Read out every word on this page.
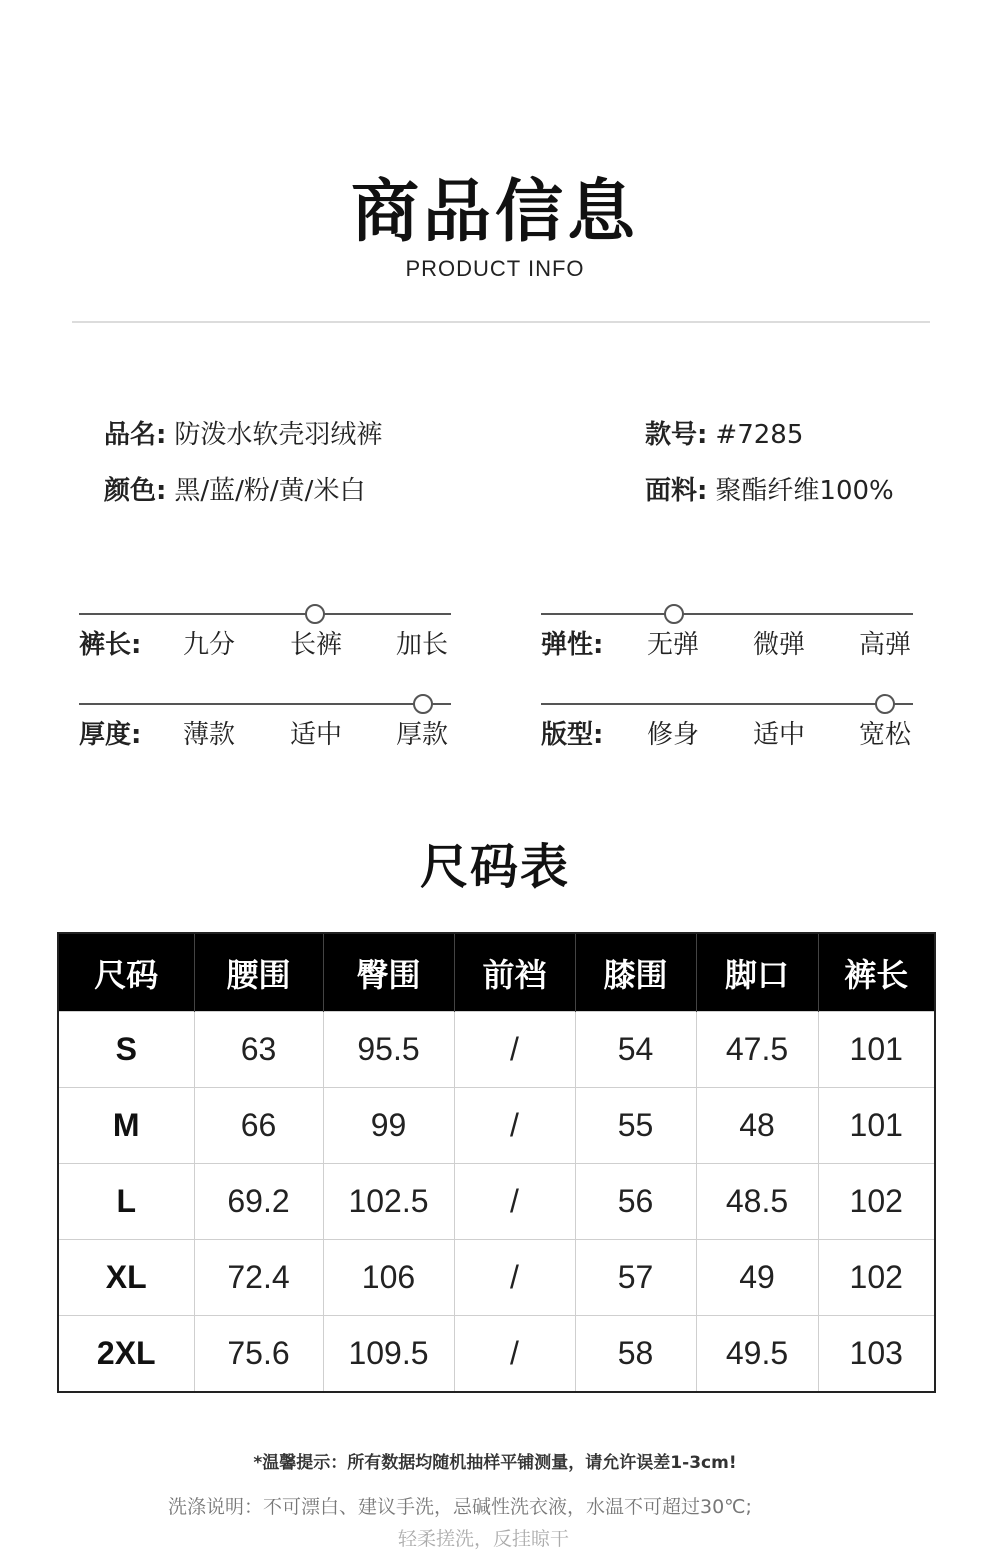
商品信息
PRODUCT INFO
品名: 防泼水软壳羽绒裤	款号: #7285
颜色: 黑/蓝/粉/黄/米白	面料: 聚酯纤维100%
裤长: 九分 长裤 加长	弹性: 无弹 微弹 高弹
厚度: 薄款 适中 厚款	版型: 修身 适中 宽松
尺码表
尺码	腰围	臀围	前裆	膝围	脚口	裤长
S	63	95.5	/	54	47.5	101
M	66	99	/	55	48	101
L	69.2	102.5	/	56	48.5	102
XL	72.4	106	/	57	49	102
2XL	75.6	109.5	/	58	49.5	103
*温馨提示：所有数据均随机抽样平铺测量，请允许误差1-3cm!
洗涤说明：不可漂白、建议手洗，忌碱性洗衣液，水温不可超过30℃;
轻柔搓洗，反挂晾干
